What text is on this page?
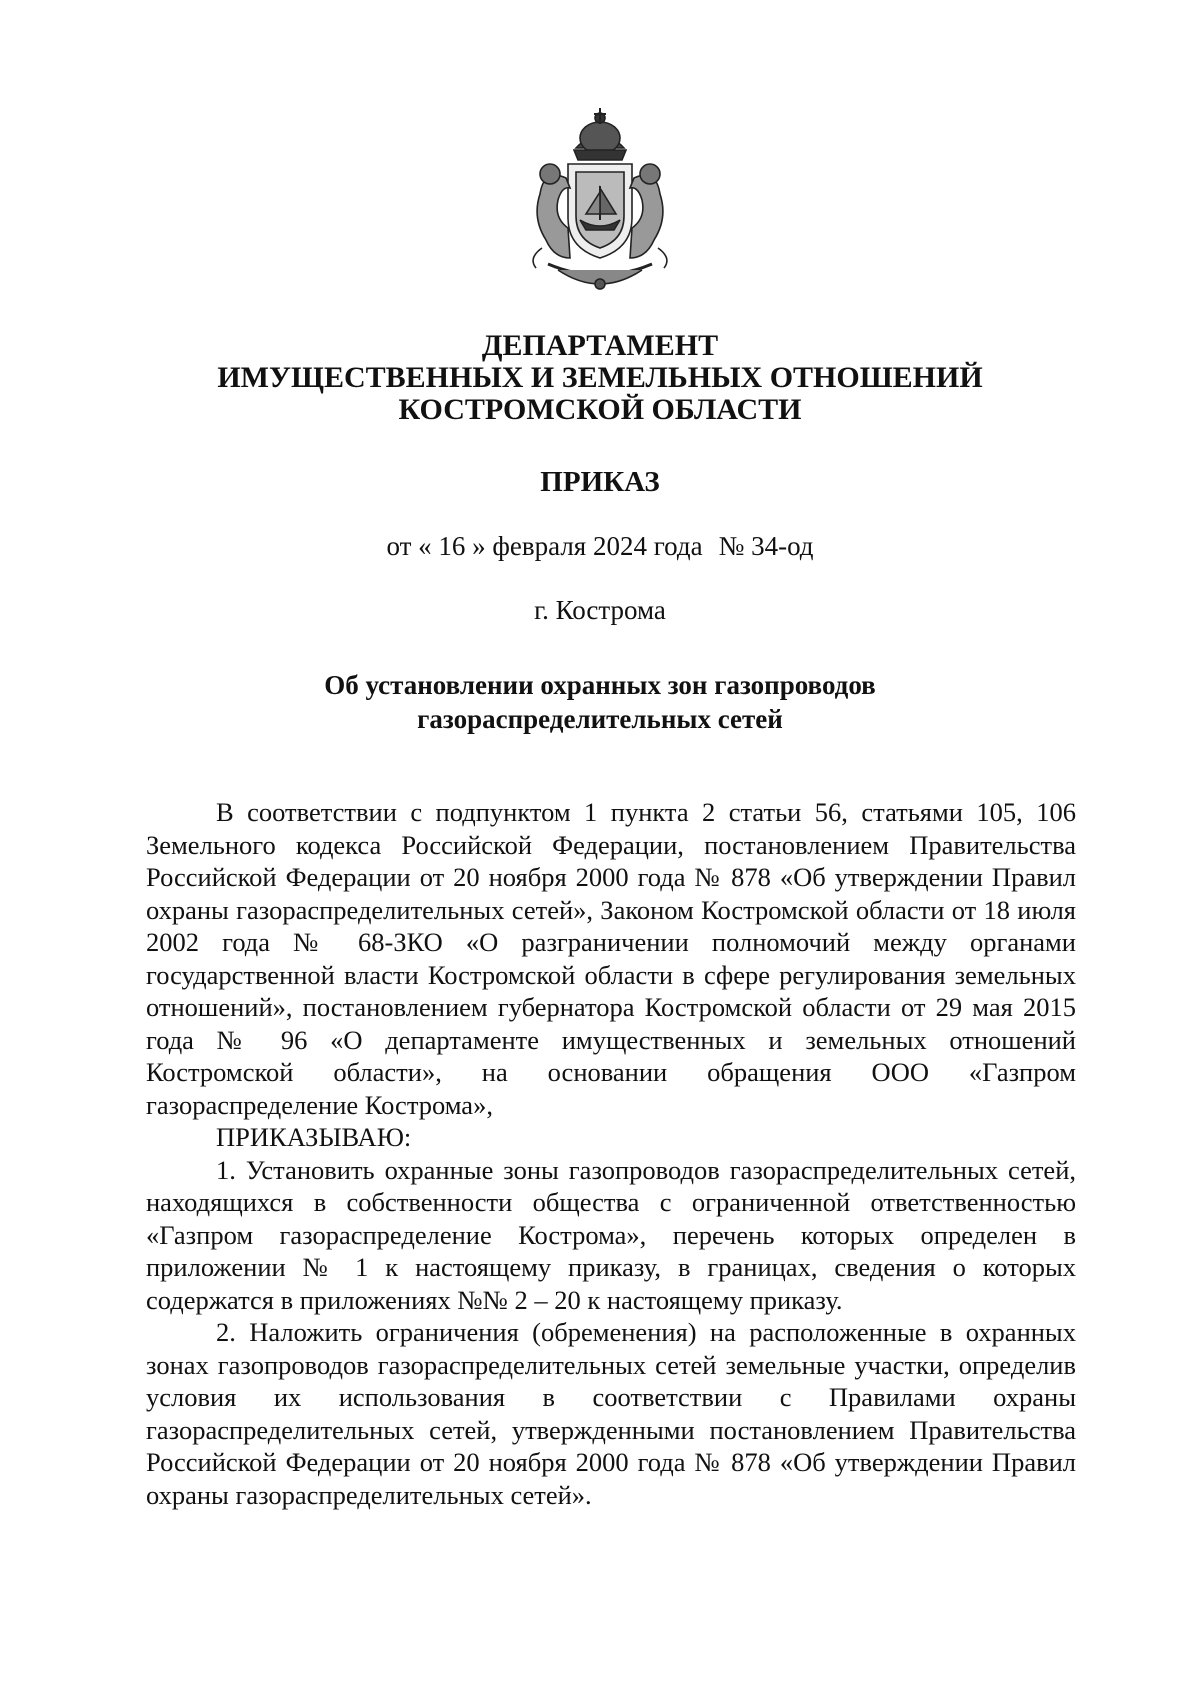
ДЕПАРТАМЕНТ
ИМУЩЕСТВЕННЫХ И ЗЕМЕЛЬНЫХ ОТНОШЕНИЙ
КОСТРОМСКОЙ ОБЛАСТИ
ПРИКАЗ
от « 16 » февраля 2024 года № 34-од
г. Кострома
Об установлении охранных зон газопроводов
газораспределительных сетей

В соответствии с подпунктом 1 пункта 2 статьи 56, статьями 105, 106 Земельного кодекса Российской Федерации, постановлением Правительства Российской Федерации от 20 ноября 2000 года № 878 «Об утверждении Правил охраны газораспределительных сетей», Законом Костромской области от 18 июля 2002 года № 68-ЗКО «О разграничении полномочий между органами государственной власти Костромской области в сфере регулирования земельных отношений», постановлением губернатора Костромской области от 29 мая 2015 года № 96 «О департаменте имущественных и земельных отношений Костромской области», на основании обращения ООО «Газпром газораспределение Кострома»,

ПРИКАЗЫВАЮ:

1. Установить охранные зоны газопроводов газораспределительных сетей, находящихся в собственности общества с ограниченной ответственностью «Газпром газораспределение Кострома», перечень которых определен в приложении № 1 к настоящему приказу, в границах, сведения о которых содержатся в приложениях №№ 2 – 20 к настоящему приказу.

2. Наложить ограничения (обременения) на расположенные в охранных зонах газопроводов газораспределительных сетей земельные участки, определив условия их использования в соответствии с Правилами охраны газораспределительных сетей, утвержденными постановлением Правительства Российской Федерации от 20 ноября 2000 года № 878 «Об утверждении Правил охраны газораспределительных сетей».
